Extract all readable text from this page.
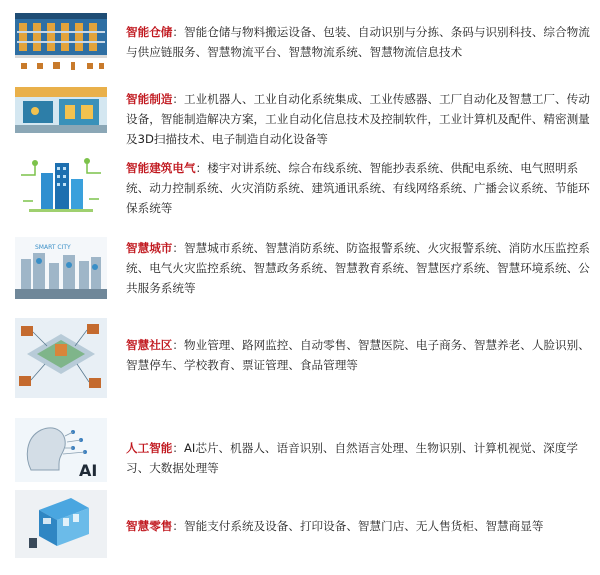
智能仓储：智能仓储与物料搬运设备、包装、自动识别与分拣、条码与识别科技、综合物流与供应链服务、智慧物流平台、智慧物流系统、智慧物流信息技术
智能制造：工业机器人、工业自动化系统集成、工业传感器、工厂自动化及智慧工厂、传动设备，智能制造解决方案，工业自动化信息技术及控制软件，工业计算机及配件、精密测量及3D扫描技术、电子制造自动化设备等
智能建筑电气：楼宇对讲系统、综合布线系统、智能抄表系统、供配电系统、电气照明系统、动力控制系统、火灾消防系统、建筑通讯系统、有线网络系统、广播会议系统、节能环保系统等
SMART CITY	智慧城市：智慧城市系统、智慧消防系统、防盗报警系统、火灾报警系统、消防水压监控系统、电气火灾监控系统、智慧政务系统、智慧教育系统、智慧医疗系统、智慧环境系统、公共服务系统等
智慧社区：物业管理、路网监控、自动零售、智慧医院、电子商务、智慧养老、人脸识别、智慧停车、学校教育、票证管理、食品管理等
AI
人工智能：AI芯片、机器人、语音识别、自然语言处理、生物识别、计算机视觉、深度学习、大数据处理等
智慧零售：智能支付系统及设备、打印设备、智慧门店、无人售货柜、智慧商显等
